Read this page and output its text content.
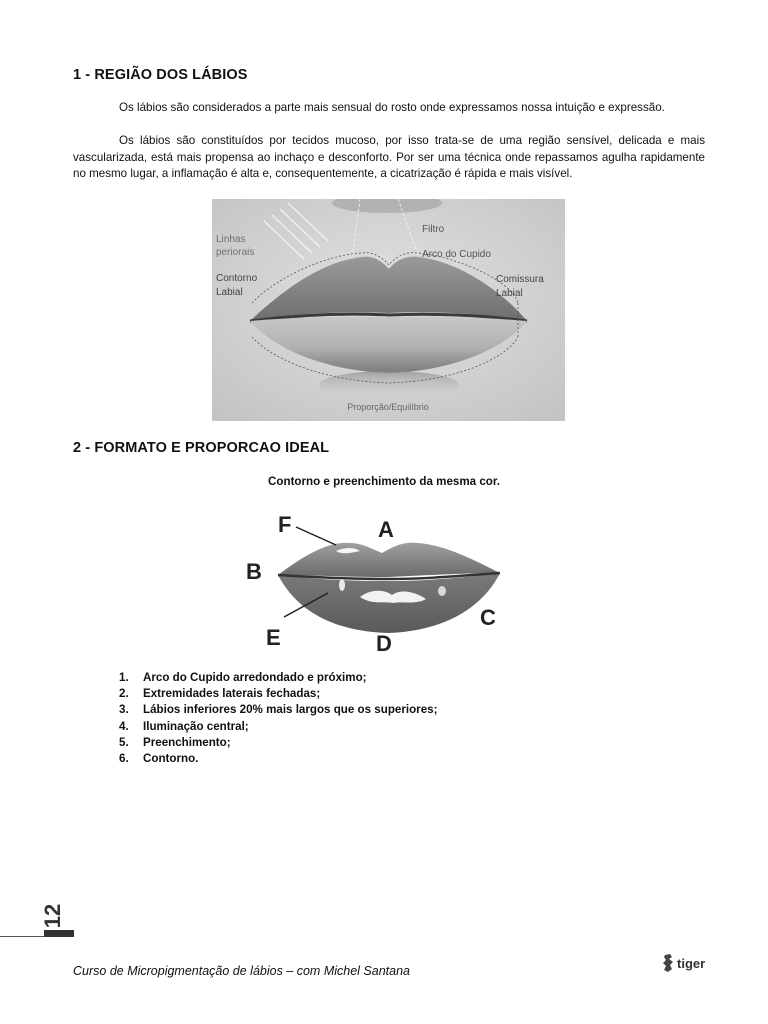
1 - REGIÃO DOS LÁBIOS

Os lábios são considerados a parte mais sensual do rosto onde expressamos nossa intuição e expressão.

Os lábios são constituídos por tecidos mucoso, por isso trata-se de uma região sensível, delicada e mais vascularizada, está mais propensa ao inchaço e desconforto. Por ser uma técnica onde repassamos agulha rapidamente no mesmo lugar, a inflamação é alta e, consequentemente, a cicatrização é rápida e mais visível.

Linhas
periorais
Filtro
Arco do Cupido
Contorno
Labial
Comissura
Labial
Proporção/Equilíbrio
2 - FORMATO E PROPORCAO IDEAL
Contorno e preenchimento da mesma cor.
F	A
B
C
D
E
1.	Arco do Cupido arredondado e próximo;
2.	Extremidades laterais fechadas;
3.	Lábios inferiores 20% mais largos que os superiores;
4.	Iluminação central;
5.	Preenchimento;
6.	Contorno.
12
Curso de Micropigmentação de lábios – com Michel Santana
tiger
